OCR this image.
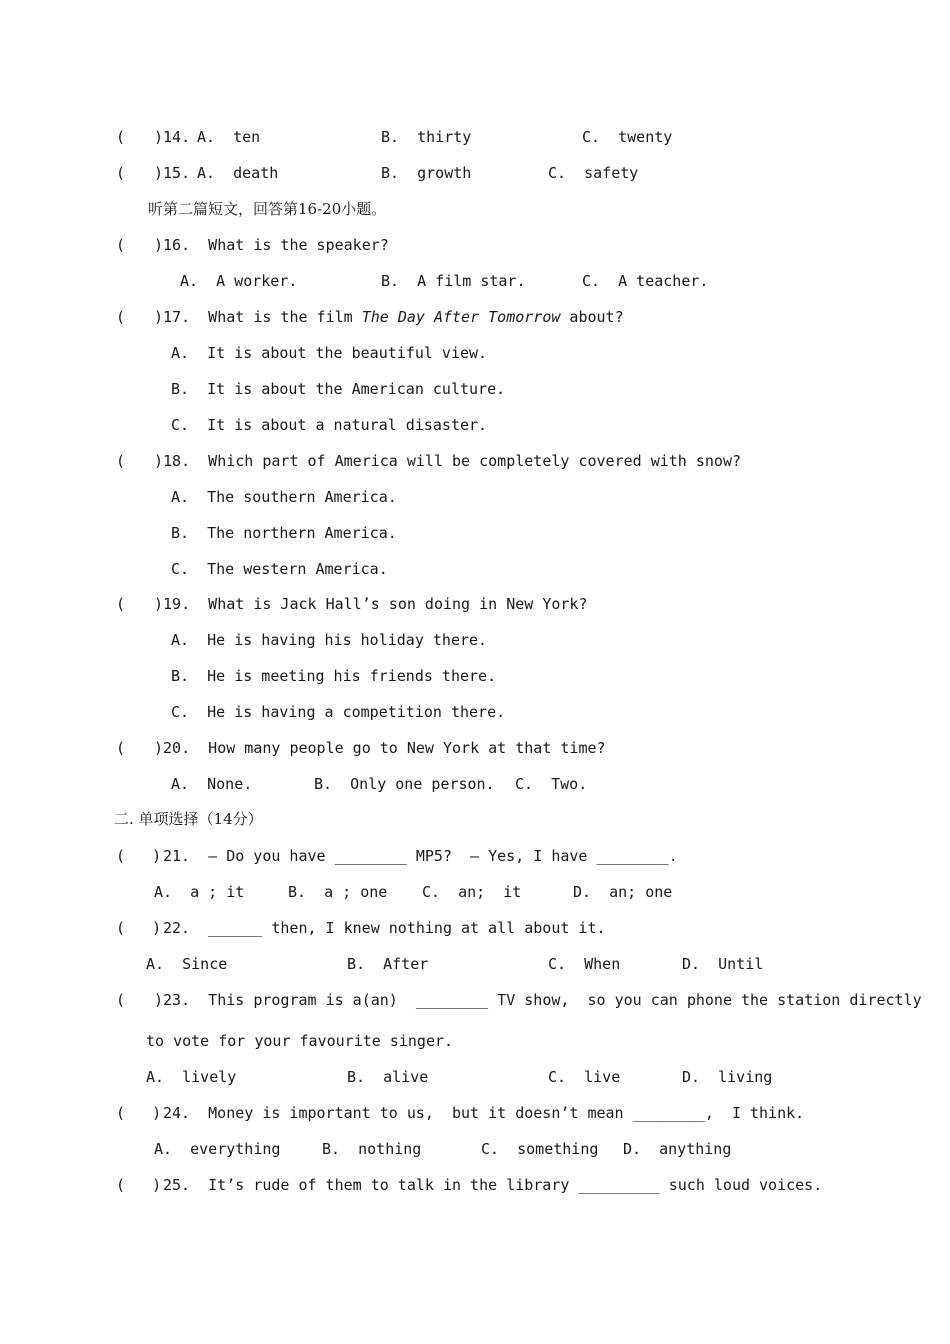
( )14. A.  ten	B.  thirty	C.  twenty
( )15. A.  death	B.  growth	C.  safety
听第二篇短文，回答第16-20小题。
( )16.  What is the speaker?
A.  A worker.	B.  A film star.	C.  A teacher.
( )17.  What is the film The Day After Tomorrow about?
A.  It is about the beautiful view.
B.  It is about the American culture.
C.  It is about a natural disaster.
( )18.  Which part of America will be completely covered with snow?
A.  The southern America.
B.  The northern America.
C.  The western America.
( )19.  What is Jack Hall’s son doing in New York?
A.  He is having his holiday there.
B.  He is meeting his friends there.
C.  He is having a competition there.
( )20.  How many people go to New York at that time?
A.  None.	B.  Only one person. C.  Two.
二. 单项选择（14分）
(   ) 21.  – Do you have ________ MP5?  – Yes, I have ________.
A.  a ; it	B.  a ; one C.  an;  it	D.  an; one
(   ) 22.  ______ then, I knew nothing at all about it.
A.  Since	B.  After	C.  When	D.  Until
( )23.  This program is a(an)  ________ TV show,  so you can phone the station directly
to vote for your favourite singer.
A.  lively	B.  alive	C.  live	D.  living
(   ) 24.  Money is important to us,  but it doesn’t mean ________,  I think.
A.  everything	B.  nothing	C.  something D.  anything
(   ) 25.  It’s rude of them to talk in the library _________ such loud voices.
